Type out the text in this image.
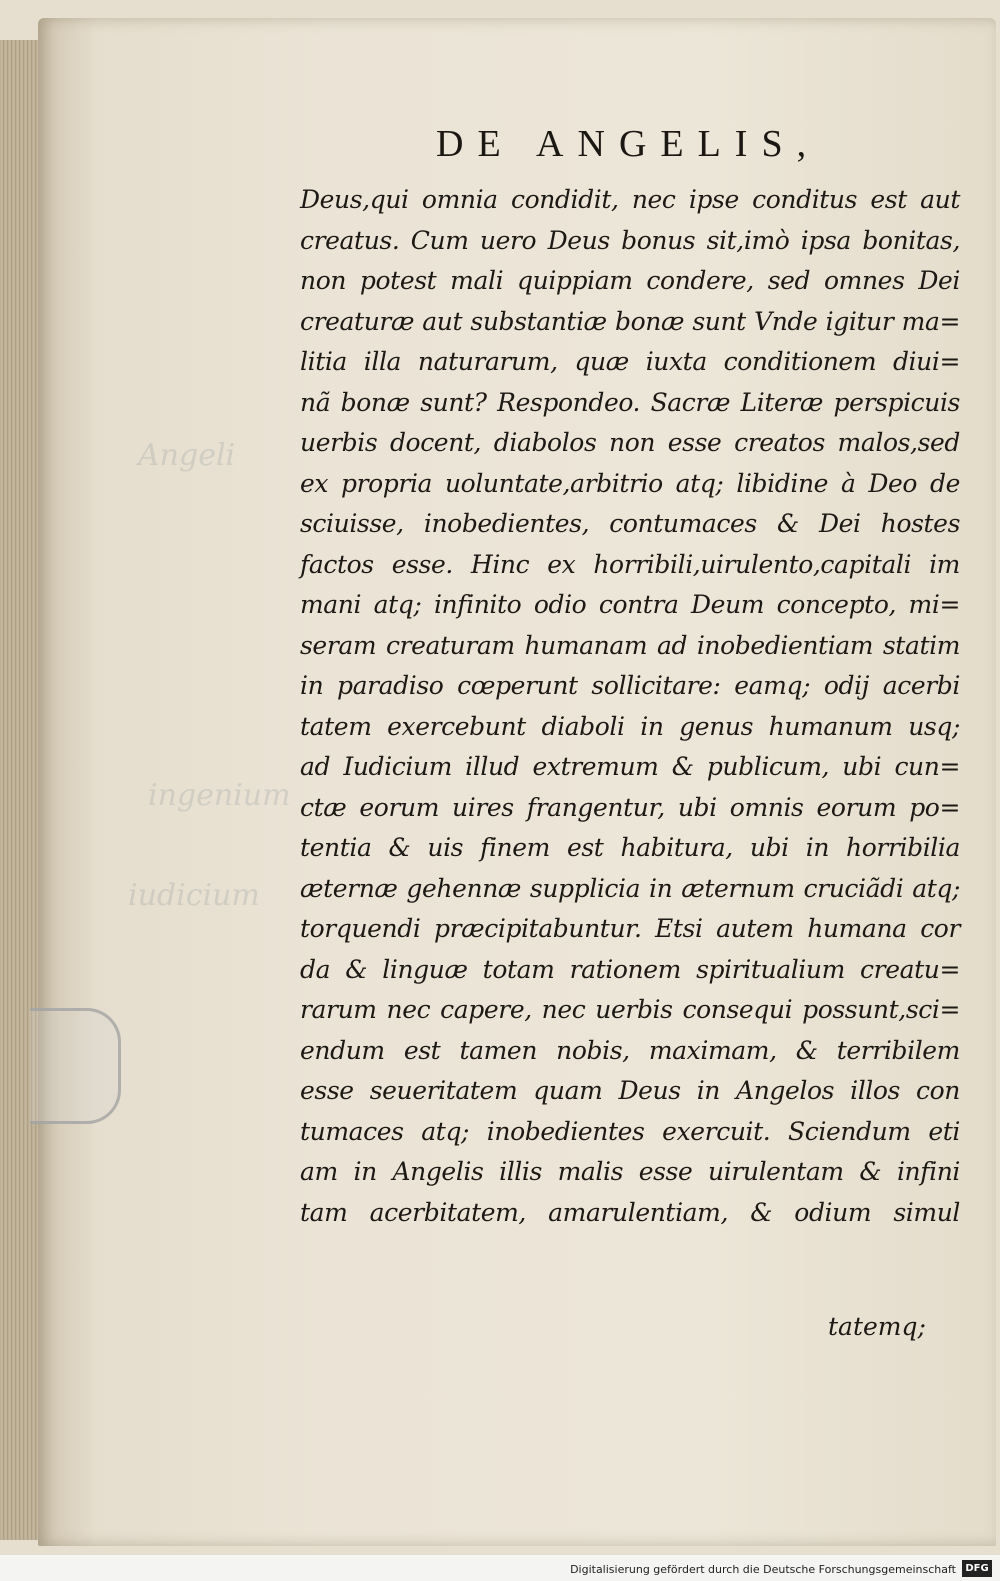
Angeli
ingenium
iudicium
DE ANGELIS,
Deus,qui omnia condidit, nec ipse conditus est aut
creatus. Cum uero Deus bonus sit,imò ipsa bonitas,
non potest mali quippiam condere, sed omnes Dei
creaturæ aut substantiæ bonæ sunt Vnde igitur ma=
litia illa naturarum, quæ iuxta conditionem diui=
nã bonæ sunt? Respondeo. Sacræ Literæ perspicuis
uerbis docent, diabolos non esse creatos malos,sed
ex propria uoluntate,arbitrio atq; libidine à Deo de
sciuisse, inobedientes, contumaces & Dei hostes
factos esse. Hinc ex horribili,uirulento,capitali im
mani atq; infinito odio contra Deum concepto, mi=
seram creaturam humanam ad inobedientiam statim
in paradiso cœperunt sollicitare: eamq; odij acerbi
tatem exercebunt diaboli in genus humanum usq;
ad Iudicium illud extremum & publicum, ubi cun=
ctæ eorum uires frangentur, ubi omnis eorum po=
tentia & uis finem est habitura, ubi in horribilia
æternæ gehennæ supplicia in æternum cruciãdi atq;
torquendi præcipitabuntur. Etsi autem humana cor
da & linguæ totam rationem spiritualium creatu=
rarum nec capere, nec uerbis consequi possunt,sci=
endum est tamen nobis, maximam, & terribilem
esse seueritatem quam Deus in Angelos illos con
tumaces atq; inobedientes exercuit. Sciendum eti
am in Angelis illis malis esse uirulentam & infini
tam acerbitatem, amarulentiam, & odium simul
tatemq;
Digitalisierung gefördert durch die Deutsche Forschungsgemeinschaft DFG
